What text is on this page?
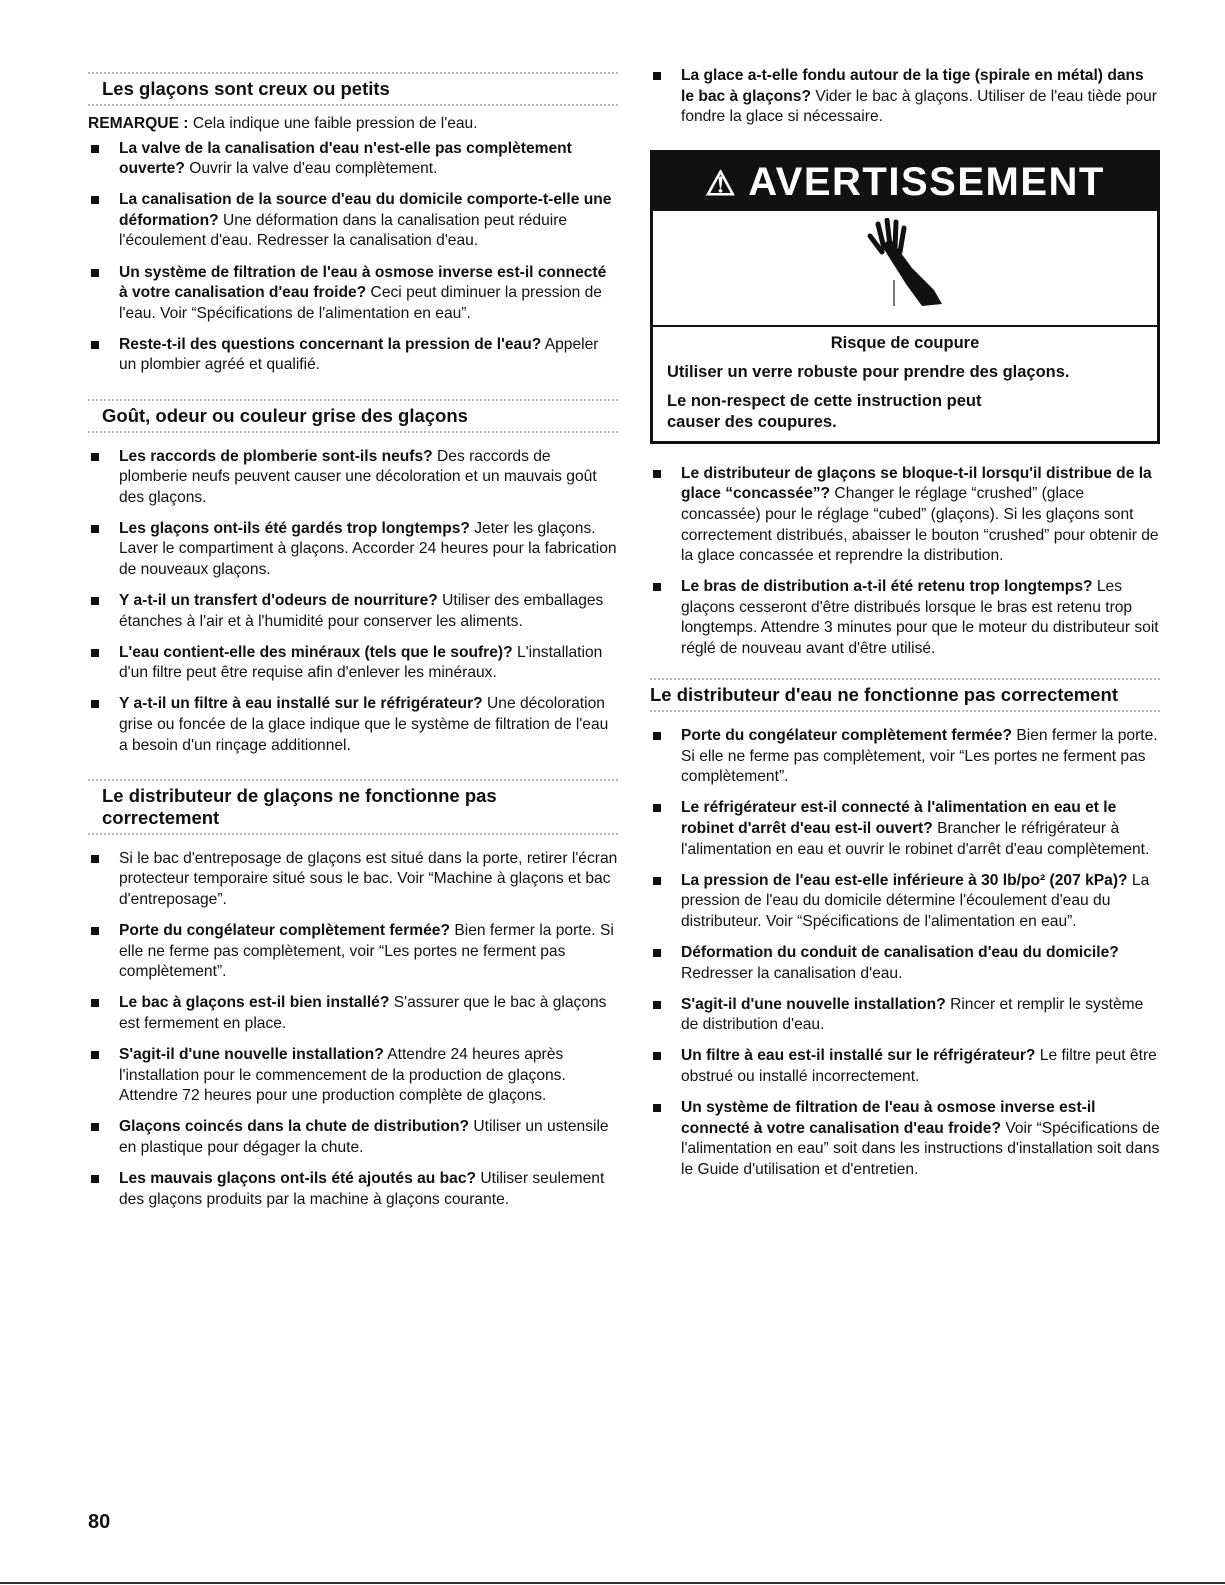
Les glaçons sont creux ou petits
REMARQUE : Cela indique une faible pression de l'eau.
La valve de la canalisation d'eau n'est-elle pas complètement ouverte? Ouvrir la valve d'eau complètement.
La canalisation de la source d'eau du domicile comporte-t-elle une déformation? Une déformation dans la canalisation peut réduire l'écoulement d'eau. Redresser la canalisation d'eau.
Un système de filtration de l'eau à osmose inverse est-il connecté à votre canalisation d'eau froide? Ceci peut diminuer la pression de l'eau. Voir “Spécifications de l'alimentation en eau”.
Reste-t-il des questions concernant la pression de l'eau? Appeler un plombier agréé et qualifié.
Goût, odeur ou couleur grise des glaçons
Les raccords de plomberie sont-ils neufs? Des raccords de plomberie neufs peuvent causer une décoloration et un mauvais goût des glaçons.
Les glaçons ont-ils été gardés trop longtemps? Jeter les glaçons. Laver le compartiment à glaçons. Accorder 24 heures pour la fabrication de nouveaux glaçons.
Y a-t-il un transfert d'odeurs de nourriture? Utiliser des emballages étanches à l'air et à l'humidité pour conserver les aliments.
L'eau contient-elle des minéraux (tels que le soufre)? L'installation d'un filtre peut être requise afin d'enlever les minéraux.
Y a-t-il un filtre à eau installé sur le réfrigérateur? Une décoloration grise ou foncée de la glace indique que le système de filtration de l'eau a besoin d'un rinçage additionnel.
Le distributeur de glaçons ne fonctionne pas correctement
Si le bac d'entreposage de glaçons est situé dans la porte, retirer l'écran protecteur temporaire situé sous le bac. Voir “Machine à glaçons et bac d'entreposage”.
Porte du congélateur complètement fermée? Bien fermer la porte. Si elle ne ferme pas complètement, voir “Les portes ne ferment pas complètement”.
Le bac à glaçons est-il bien installé? S'assurer que le bac à glaçons est fermement en place.
S'agit-il d'une nouvelle installation? Attendre 24 heures après l'installation pour le commencement de la production de glaçons. Attendre 72 heures pour une production complète de glaçons.
Glaçons coincés dans la chute de distribution? Utiliser un ustensile en plastique pour dégager la chute.
Les mauvais glaçons ont-ils été ajoutés au bac? Utiliser seulement des glaçons produits par la machine à glaçons courante.
La glace a-t-elle fondu autour de la tige (spirale en métal) dans le bac à glaçons? Vider le bac à glaçons. Utiliser de l'eau tiède pour fondre la glace si nécessaire.
⚠ AVERTISSEMENT
Risque de coupure

Utiliser un verre robuste pour prendre des glaçons.

Le non-respect de cette instruction peut causer des coupures.

Le distributeur de glaçons se bloque-t-il lorsqu'il distribue de la glace “concassée”? Changer le réglage “crushed” (glace concassée) pour le réglage “cubed” (glaçons). Si les glaçons sont correctement distribués, abaisser le bouton “crushed” pour obtenir de la glace concassée et reprendre la distribution.
Le bras de distribution a-t-il été retenu trop longtemps? Les glaçons cesseront d'être distribués lorsque le bras est retenu trop longtemps. Attendre 3 minutes pour que le moteur du distributeur soit réglé de nouveau avant d'être utilisé.
Le distributeur d'eau ne fonctionne pas correctement
Porte du congélateur complètement fermée? Bien fermer la porte. Si elle ne ferme pas complètement, voir “Les portes ne ferment pas complètement”.
Le réfrigérateur est-il connecté à l'alimentation en eau et le robinet d'arrêt d'eau est-il ouvert? Brancher le réfrigérateur à l'alimentation en eau et ouvrir le robinet d'arrêt d'eau complètement.
La pression de l'eau est-elle inférieure à 30 lb/po² (207 kPa)? La pression de l'eau du domicile détermine l'écoulement d'eau du distributeur. Voir “Spécifications de l'alimentation en eau”.
Déformation du conduit de canalisation d'eau du domicile? Redresser la canalisation d'eau.
S'agit-il d'une nouvelle installation? Rincer et remplir le système de distribution d'eau.
Un filtre à eau est-il installé sur le réfrigérateur? Le filtre peut être obstrué ou installé incorrectement.
Un système de filtration de l'eau à osmose inverse est-il connecté à votre canalisation d'eau froide? Voir “Spécifications de l'alimentation en eau” soit dans les instructions d'installation soit dans le Guide d'utilisation et d'entretien.
80
